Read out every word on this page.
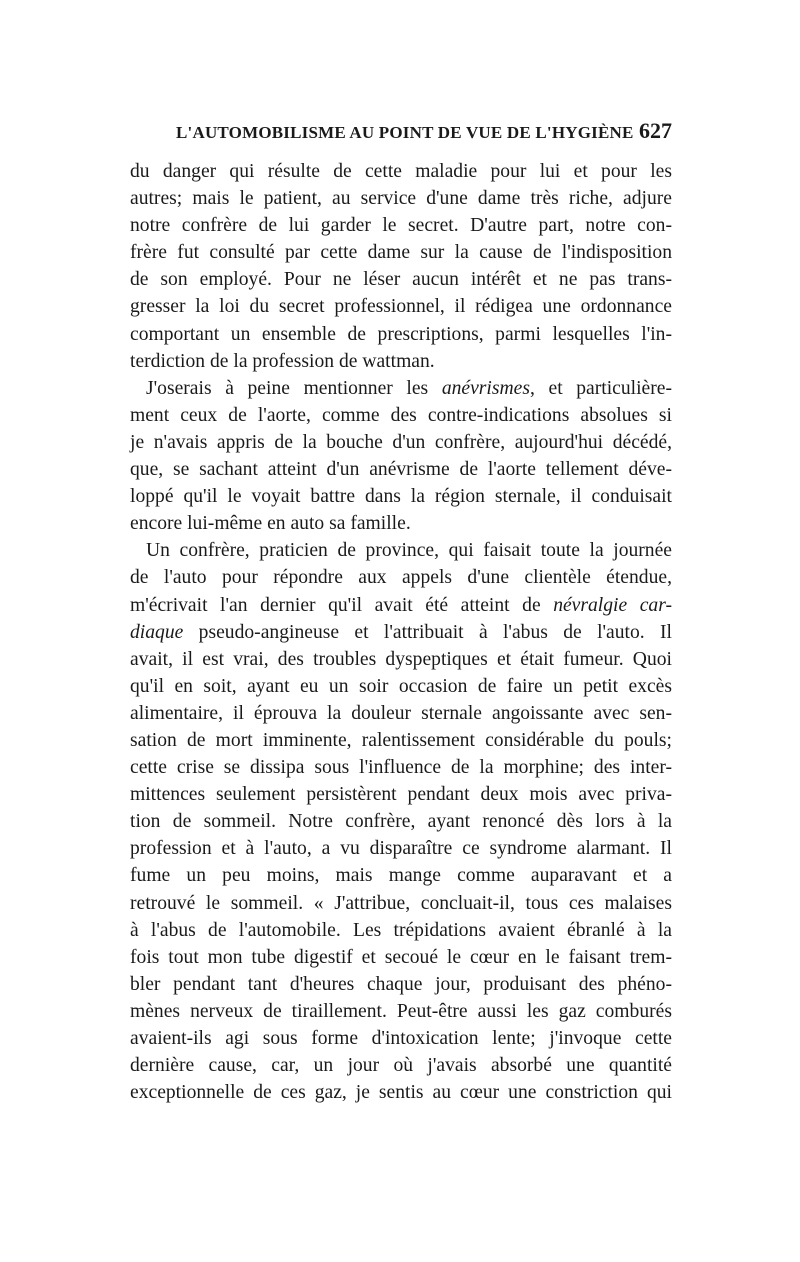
L'AUTOMOBILISME AU POINT DE VUE DE L'HYGIÈNE 627
du danger qui résulte de cette maladie pour lui et pour les
autres; mais le patient, au service d'une dame très riche, adjure
notre confrère de lui garder le secret. D'autre part, notre con-
frère fut consulté par cette dame sur la cause de l'indisposition
de son employé. Pour ne léser aucun intérêt et ne pas trans-
gresser la loi du secret professionnel, il rédigea une ordonnance
comportant un ensemble de prescriptions, parmi lesquelles l'in-
terdiction de la profession de wattman.
J'oserais à peine mentionner les anévrismes, et particulière-
ment ceux de l'aorte, comme des contre-indications absolues si
je n'avais appris de la bouche d'un confrère, aujourd'hui décédé,
que, se sachant atteint d'un anévrisme de l'aorte tellement déve-
loppé qu'il le voyait battre dans la région sternale, il conduisait
encore lui-même en auto sa famille.
Un confrère, praticien de province, qui faisait toute la journée
de l'auto pour répondre aux appels d'une clientèle étendue,
m'écrivait l'an dernier qu'il avait été atteint de névralgie car-
diaque pseudo-angineuse et l'attribuait à l'abus de l'auto. Il
avait, il est vrai, des troubles dyspeptiques et était fumeur. Quoi
qu'il en soit, ayant eu un soir occasion de faire un petit excès
alimentaire, il éprouva la douleur sternale angoissante avec sen-
sation de mort imminente, ralentissement considérable du pouls;
cette crise se dissipa sous l'influence de la morphine; des inter-
mittences seulement persistèrent pendant deux mois avec priva-
tion de sommeil. Notre confrère, ayant renoncé dès lors à la
profession et à l'auto, a vu disparaître ce syndrome alarmant. Il
fume un peu moins, mais mange comme auparavant et a
retrouvé le sommeil. « J'attribue, concluait-il, tous ces malaises
à l'abus de l'automobile. Les trépidations avaient ébranlé à la
fois tout mon tube digestif et secoué le cœur en le faisant trem-
bler pendant tant d'heures chaque jour, produisant des phéno-
mènes nerveux de tiraillement. Peut-être aussi les gaz comburés
avaient-ils agi sous forme d'intoxication lente; j'invoque cette
dernière cause, car, un jour où j'avais absorbé une quantité
exceptionnelle de ces gaz, je sentis au cœur une constriction qui
